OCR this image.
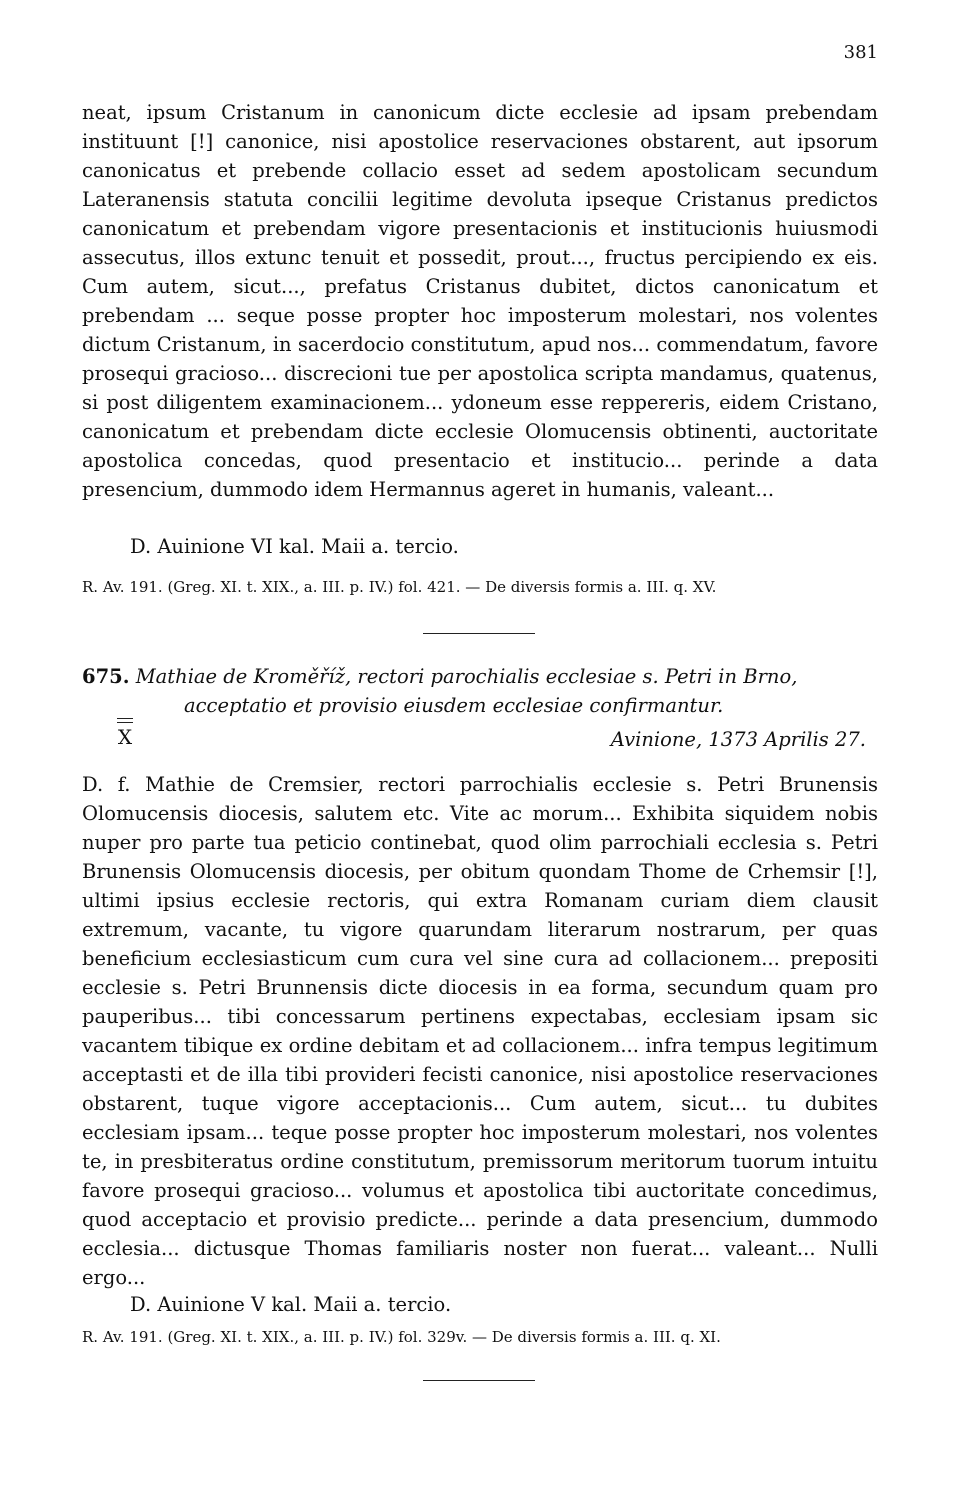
381
neat, ipsum Cristanum in canonicum dicte ecclesie ad ipsam prebendam instituunt [!] canonice, nisi apostolice reservaciones obstarent, aut ipsorum canonicatus et prebende collacio esset ad sedem apostolicam secundum Lateranensis statuta concilii legitime devoluta ipseque Cristanus predictos canonicatum et prebendam vigore presentacionis et institucionis huiusmodi assecutus, illos extunc tenuit et possedit, prout..., fructus percipiendo ex eis. Cum autem, sicut..., prefatus Cristanus dubitet, dictos canonicatum et prebendam ... seque posse propter hoc imposterum molestari, nos volentes dictum Cristanum, in sacerdocio constitutum, apud nos... commendatum, favore prosequi gracioso... discrecioni tue per apostolica scripta mandamus, quatenus, si post diligentem examinacionem... ydoneum esse reppereris, eidem Cristano, canonicatum et prebendam dicte ecclesie Olomucensis obtinenti, auctoritate apostolica concedas, quod presentacio et institucio... perinde a data presencium, dummodo idem Hermannus ageret in humanis, valeant...
D. Auinione VI kal. Maii a. tercio.
R. Av. 191. (Greg. XI. t. XIX., a. III. p. IV.) fol. 421. — De diversis formis a. III. q. XV.
675. Mathiae de Kroměříž, rectori parochialis ecclesiae s. Petri in Brno,
acceptatio et provisio eiusdem ecclesiae confirmantur.
X	Avinione, 1373 Aprilis 27.
D. f. Mathie de Cremsier, rectori parrochialis ecclesie s. Petri Brunensis Olomucensis diocesis, salutem etc. Vite ac morum... Exhibita siquidem nobis nuper pro parte tua peticio continebat, quod olim parrochiali ecclesia s. Petri Brunensis Olomucensis diocesis, per obitum quondam Thome de Crhemsir [!], ultimi ipsius ecclesie rectoris, qui extra Romanam curiam diem clausit extremum, vacante, tu vigore quarundam literarum nostrarum, per quas beneficium ecclesiasticum cum cura vel sine cura ad collacionem... prepositi ecclesie s. Petri Brunnensis dicte diocesis in ea forma, secundum quam pro pauperibus... tibi concessarum pertinens expectabas, ecclesiam ipsam sic vacantem tibique ex ordine debitam et ad collacionem... infra tempus legitimum acceptasti et de illa tibi provideri fecisti canonice, nisi apostolice reservaciones obstarent, tuque vigore acceptacionis... Cum autem, sicut... tu dubites ecclesiam ipsam... teque posse propter hoc imposterum molestari, nos volentes te, in presbiteratus ordine constitutum, premissorum meritorum tuorum intuitu favore prosequi gracioso... volumus et apostolica tibi auctoritate concedimus, quod acceptacio et provisio predicte... perinde a data presencium, dummodo ecclesia... dictusque Thomas familiaris noster non fuerat... valeant... Nulli ergo...
D. Auinione V kal. Maii a. tercio.
R. Av. 191. (Greg. XI. t. XIX., a. III. p. IV.) fol. 329v. — De diversis formis a. III. q. XI.
